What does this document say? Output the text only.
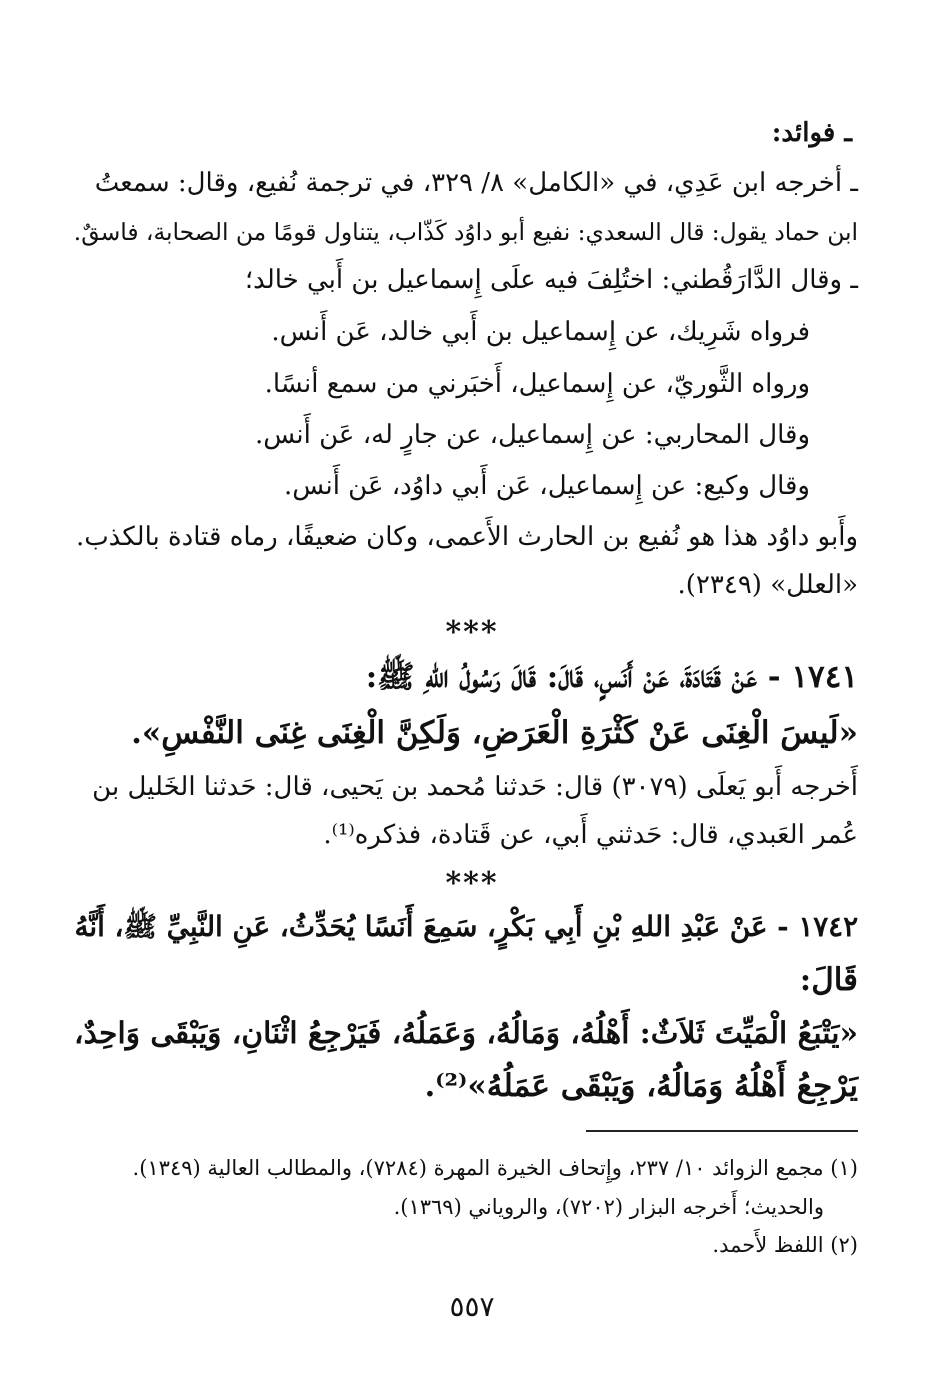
ـ فوائد:
ـ أخرجه ابن عَدِي، في «الكامل» ٨/ ٣٢٩، في ترجمة نُفيع، وقال: سمعتُ
ابن حماد يقول: قال السعدي: نفيع أبو داوُد كَذّاب، يتناول قومًا من الصحابة، فاسقٌ.
ـ وقال الدَّارَقُطني: اختُلِفَ فيه علَى إِسماعيل بن أَبي خالد؛
فرواه شَرِيك، عن إِسماعيل بن أَبي خالد، عَن أَنس.
ورواه الثَّوريّ، عن إِسماعيل، أَخبَرني من سمع أنسًا.
وقال المحاربي: عن إِسماعيل، عن جارٍ له، عَن أَنس.
وقال وكيع: عن إِسماعيل، عَن أَبي داوُد، عَن أَنس.
وأَبو داوُد هذا هو نُفيع بن الحارث الأَعمى، وكان ضعيفًا، رماه قتادة بالكذب.
«العلل» (٢٣٤٩).
***
١٧٤١ - عَنْ قَتَادَةَ، عَنْ أَنَسٍ، قَالَ: قَالَ رَسُولُ اللهِ ﷺ:
«لَيسَ الْغِنَى عَنْ كَثْرَةِ الْعَرَضِ، وَلَكِنَّ الْغِنَى غِنَى النَّفْسِ».
أَخرجه أَبو يَعلَى (٣٠٧٩) قال: حَدثنا مُحمد بن يَحيى، قال: حَدثنا الخَليل بن
عُمر العَبدي، قال: حَدثني أَبي، عن قَتادة، فذكره⁽¹⁾.
***
١٧٤٢ - عَنْ عَبْدِ اللهِ بْنِ أَبِي بَكْرٍ، سَمِعَ أَنَسًا يُحَدِّثُ، عَنِ النَّبِيِّ ﷺ، أَنَّهُ
قَالَ:
«يَتْبَعُ الْمَيِّتَ ثَلاَثٌ: أَهْلُهُ، وَمَالُهُ، وَعَمَلُهُ، فَيَرْجِعُ اثْنَانِ، وَيَبْقَى وَاحِدٌ،
يَرْجِعُ أَهْلُهُ وَمَالُهُ، وَيَبْقَى عَمَلُهُ»⁽²⁾.
(١) مجمع الزوائد ١٠/ ٢٣٧، وإِتحاف الخيرة المهرة (٧٢٨٤)، والمطالب العالية (١٣٤٩).
والحديث؛ أَخرجه البزار (٧٢٠٢)، والروياني (١٣٦٩).
(٢) اللفظ لأَحمد.
٥٥٧
